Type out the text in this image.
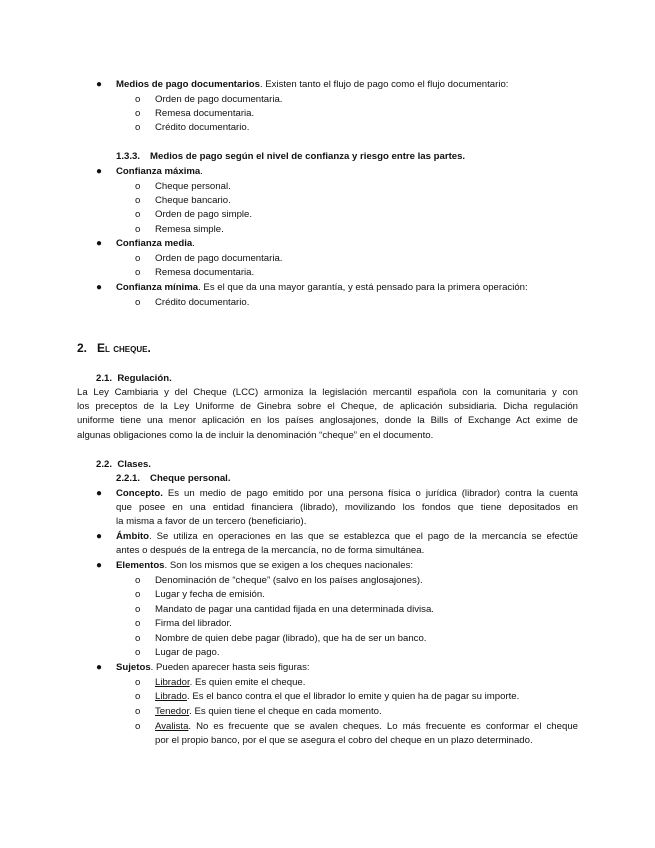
● Medios de pago documentarios. Existen tanto el flujo de pago como el flujo documentario:
o Orden de pago documentaria.
o Remesa documentaria.
o Crédito documentario.
1.3.3. Medios de pago según el nivel de confianza y riesgo entre las partes.
● Confianza máxima.
o Cheque personal.
o Cheque bancario.
o Orden de pago simple.
o Remesa simple.
● Confianza media.
o Orden de pago documentaria.
o Remesa documentaria.
● Confianza mínima. Es el que da una mayor garantía, y está pensado para la primera operación:
o Crédito documentario.
2. El cheque.
2.1. Regulación.
La Ley Cambiaria y del Cheque (LCC) armoniza la legislación mercantil española con la comunitaria y con
los preceptos de la Ley Uniforme de Ginebra sobre el Cheque, de aplicación subsidiaria. Dicha regulación
uniforme tiene una menor aplicación en los países anglosajones, donde la Bills of Exchange Act exime de
algunas obligaciones como la de incluir la denominación “cheque” en el documento.
2.2. Clases.
2.2.1. Cheque personal.
● Concepto. Es un medio de pago emitido por una persona física o jurídica (librador) contra la cuenta
que posee en una entidad financiera (librado), movilizando los fondos que tiene depositados en
la misma a favor de un tercero (beneficiario).
● Ámbito. Se utiliza en operaciones en las que se establezca que el pago de la mercancía se efectúe
antes o después de la entrega de la mercancía, no de forma simultánea.
● Elementos. Son los mismos que se exigen a los cheques nacionales:
o Denominación de “cheque” (salvo en los países anglosajones).
o Lugar y fecha de emisión.
o Mandato de pagar una cantidad fijada en una determinada divisa.
o Firma del librador.
o Nombre de quien debe pagar (librado), que ha de ser un banco.
o Lugar de pago.
● Sujetos. Pueden aparecer hasta seis figuras:
o Librador. Es quien emite el cheque.
o Librado. Es el banco contra el que el librador lo emite y quien ha de pagar su importe.
o Tenedor. Es quien tiene el cheque en cada momento.
o Avalista. No es frecuente que se avalen cheques. Lo más frecuente es conformar el cheque
por el propio banco, por el que se asegura el cobro del cheque en un plazo determinado.
